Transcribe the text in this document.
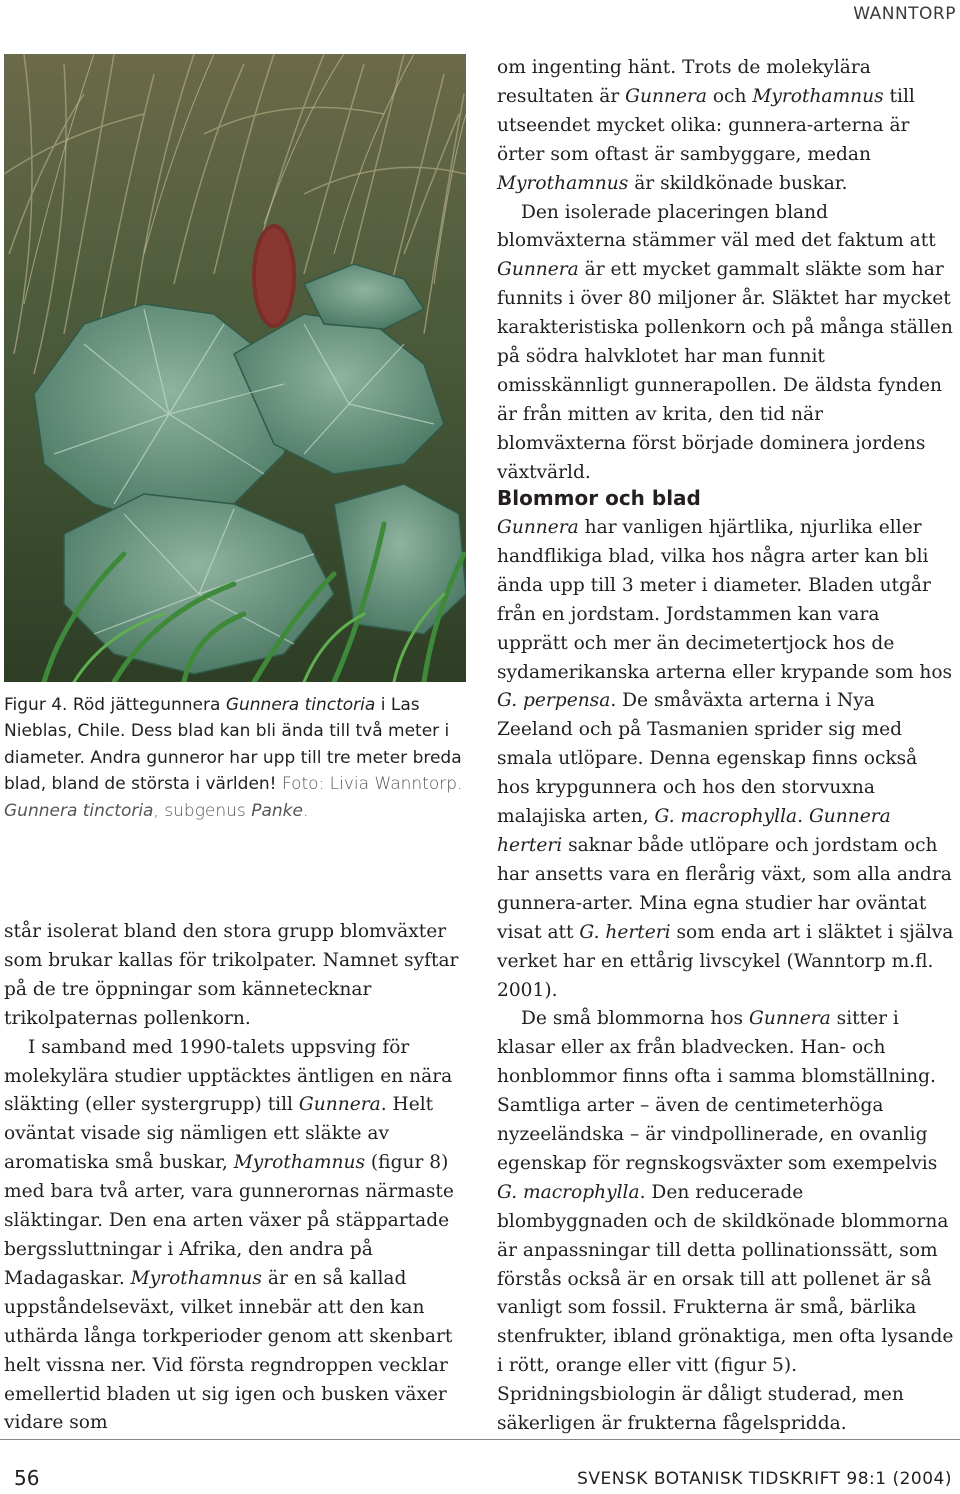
WANNTORP
Figur 4. Röd jättegunnera Gunnera tinctoria i Las Nieblas, Chile. Dess blad kan bli ända till två meter i diameter. Andra gunneror har upp till tre meter breda blad, bland de största i världen! Foto: Livia Wanntorp.
Gunnera tinctoria, subgenus Panke.

står isolerat bland den stora grupp blomväxter som brukar kallas för trikolpater. Namnet syftar på de tre öppningar som kännetecknar trikolpaternas pollenkorn.

I samband med 1990-talets uppsving för molekylära studier upptäcktes äntligen en nära släkting (eller systergrupp) till Gunnera. Helt oväntat visade sig nämligen ett släkte av aromatiska små buskar, Myrothamnus (figur 8) med bara två arter, vara gunnerornas närmaste släktingar. Den ena arten växer på stäppartade bergssluttningar i Afrika, den andra på Madagaskar. Myrothamnus är en så kallad uppståndelseväxt, vilket innebär att den kan uthärda långa torkperioder genom att skenbart helt vissna ner. Vid första regndroppen vecklar emellertid bladen ut sig igen och busken växer vidare som

om ingenting hänt. Trots de molekylära resultaten är Gunnera och Myrothamnus till utseendet mycket olika: gunnera-arterna är örter som oftast är sambyggare, medan Myrothamnus är skildkönade buskar.

Den isolerade placeringen bland blomväxterna stämmer väl med det faktum att Gunnera är ett mycket gammalt släkte som har funnits i över 80 miljoner år. Släktet har mycket karakteristiska pollenkorn och på många ställen på södra halvklotet har man funnit omisskännligt gunnerapollen. De äldsta fynden är från mitten av krita, den tid när blomväxterna först började dominera jordens växtvärld.

Blommor och blad

Gunnera har vanligen hjärtlika, njurlika eller handflikiga blad, vilka hos några arter kan bli ända upp till 3 meter i diameter. Bladen utgår från en jordstam. Jordstammen kan vara upprätt och mer än decimetertjock hos de sydamerikanska arterna eller krypande som hos G. perpensa. De småväxta arterna i Nya Zeeland och på Tasmanien sprider sig med smala utlöpare. Denna egenskap finns också hos krypgunnera och hos den storvuxna malajiska arten, G. macrophylla. Gunnera herteri saknar både utlöpare och jordstam och har ansetts vara en flerårig växt, som alla andra gunnera-arter. Mina egna studier har oväntat visat att G. herteri som enda art i släktet i själva verket har en ettårig livscykel (Wanntorp m.fl. 2001).

De små blommorna hos Gunnera sitter i klasar eller ax från bladvecken. Han- och honblommor finns ofta i samma blomställning. Samtliga arter – även de centimeterhöga nyzeeländska – är vindpollinerade, en ovanlig egenskap för regnskogsväxter som exempelvis G. macrophylla. Den reducerade blombyggnaden och de skildkönade blommorna är anpassningar till detta pollinationssätt, som förstås också är en orsak till att pollenet är så vanligt som fossil. Frukterna är små, bärlika stenfrukter, ibland grönaktiga, men ofta lysande i rött, orange eller vitt (figur 5). Spridningsbiologin är dåligt studerad, men säkerligen är frukterna fågelspridda.

56	SVENSK BOTANISK TIDSKRIFT 98:1 (2004)
